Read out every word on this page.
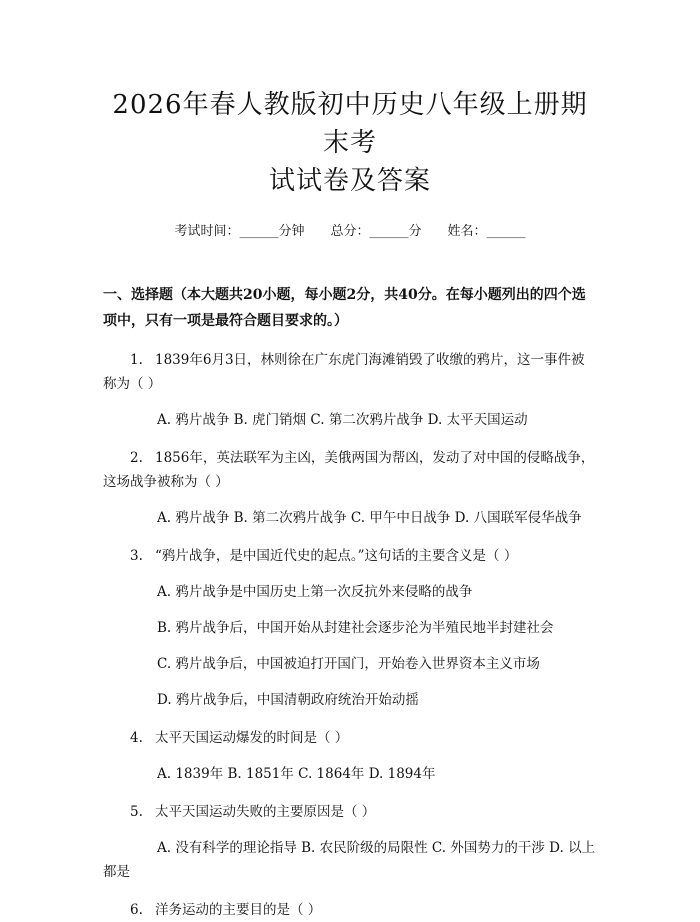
2026年春人教版初中历史八年级上册期末考
试试卷及答案
考试时间：______分钟 总分：______分 姓名：______
一、选择题（本大题共20小题，每小题2分，共40分。在每小题列出的四个选项中，只有一项是最符合题目要求的。）
1. 1839年6月3日，林则徐在广东虎门海滩销毁了收缴的鸦片，这一事件被称为（ ）
A. 鸦片战争 B. 虎门销烟 C. 第二次鸦片战争 D. 太平天国运动
2. 1856年，英法联军为主凶，美俄两国为帮凶，发动了对中国的侵略战争，这场战争被称为（ ）
A. 鸦片战争 B. 第二次鸦片战争 C. 甲午中日战争 D. 八国联军侵华战争
3. “鸦片战争，是中国近代史的起点。”这句话的主要含义是（ ）
A. 鸦片战争是中国历史上第一次反抗外来侵略的战争
B. 鸦片战争后，中国开始从封建社会逐步沦为半殖民地半封建社会
C. 鸦片战争后，中国被迫打开国门，开始卷入世界资本主义市场
D. 鸦片战争后，中国清朝政府统治开始动摇
4. 太平天国运动爆发的时间是（ ）
A. 1839年 B. 1851年 C. 1864年 D. 1894年
5. 太平天国运动失败的主要原因是（ ）
A. 没有科学的理论指导 B. 农民阶级的局限性 C. 外国势力的干涉 D. 以上都是
6. 洋务运动的主要目的是（ ）
